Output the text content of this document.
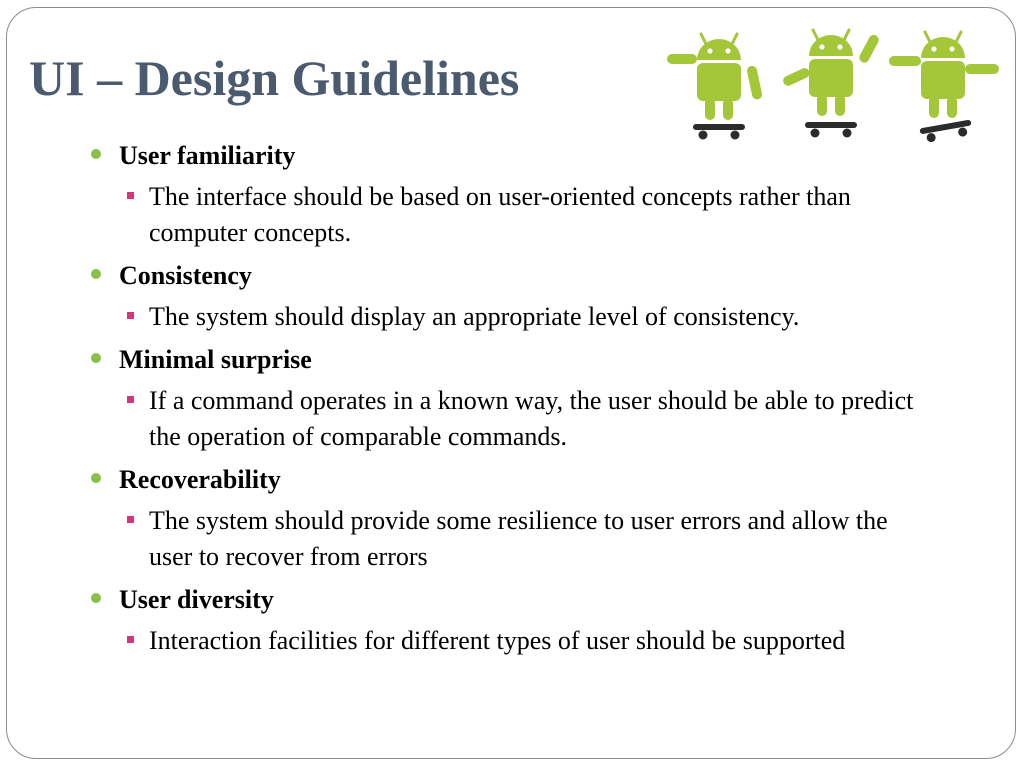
UI – Design Guidelines
User familiarity
The interface should be based on user-oriented concepts rather than computer concepts.
Consistency
The system should display an appropriate level of consistency.
Minimal surprise
If a command operates in a known way, the user should be able to predict the operation of comparable commands.
Recoverability
The system should provide some resilience to user errors and allow the user to recover from errors
User diversity
Interaction facilities for different types of user should be supported
